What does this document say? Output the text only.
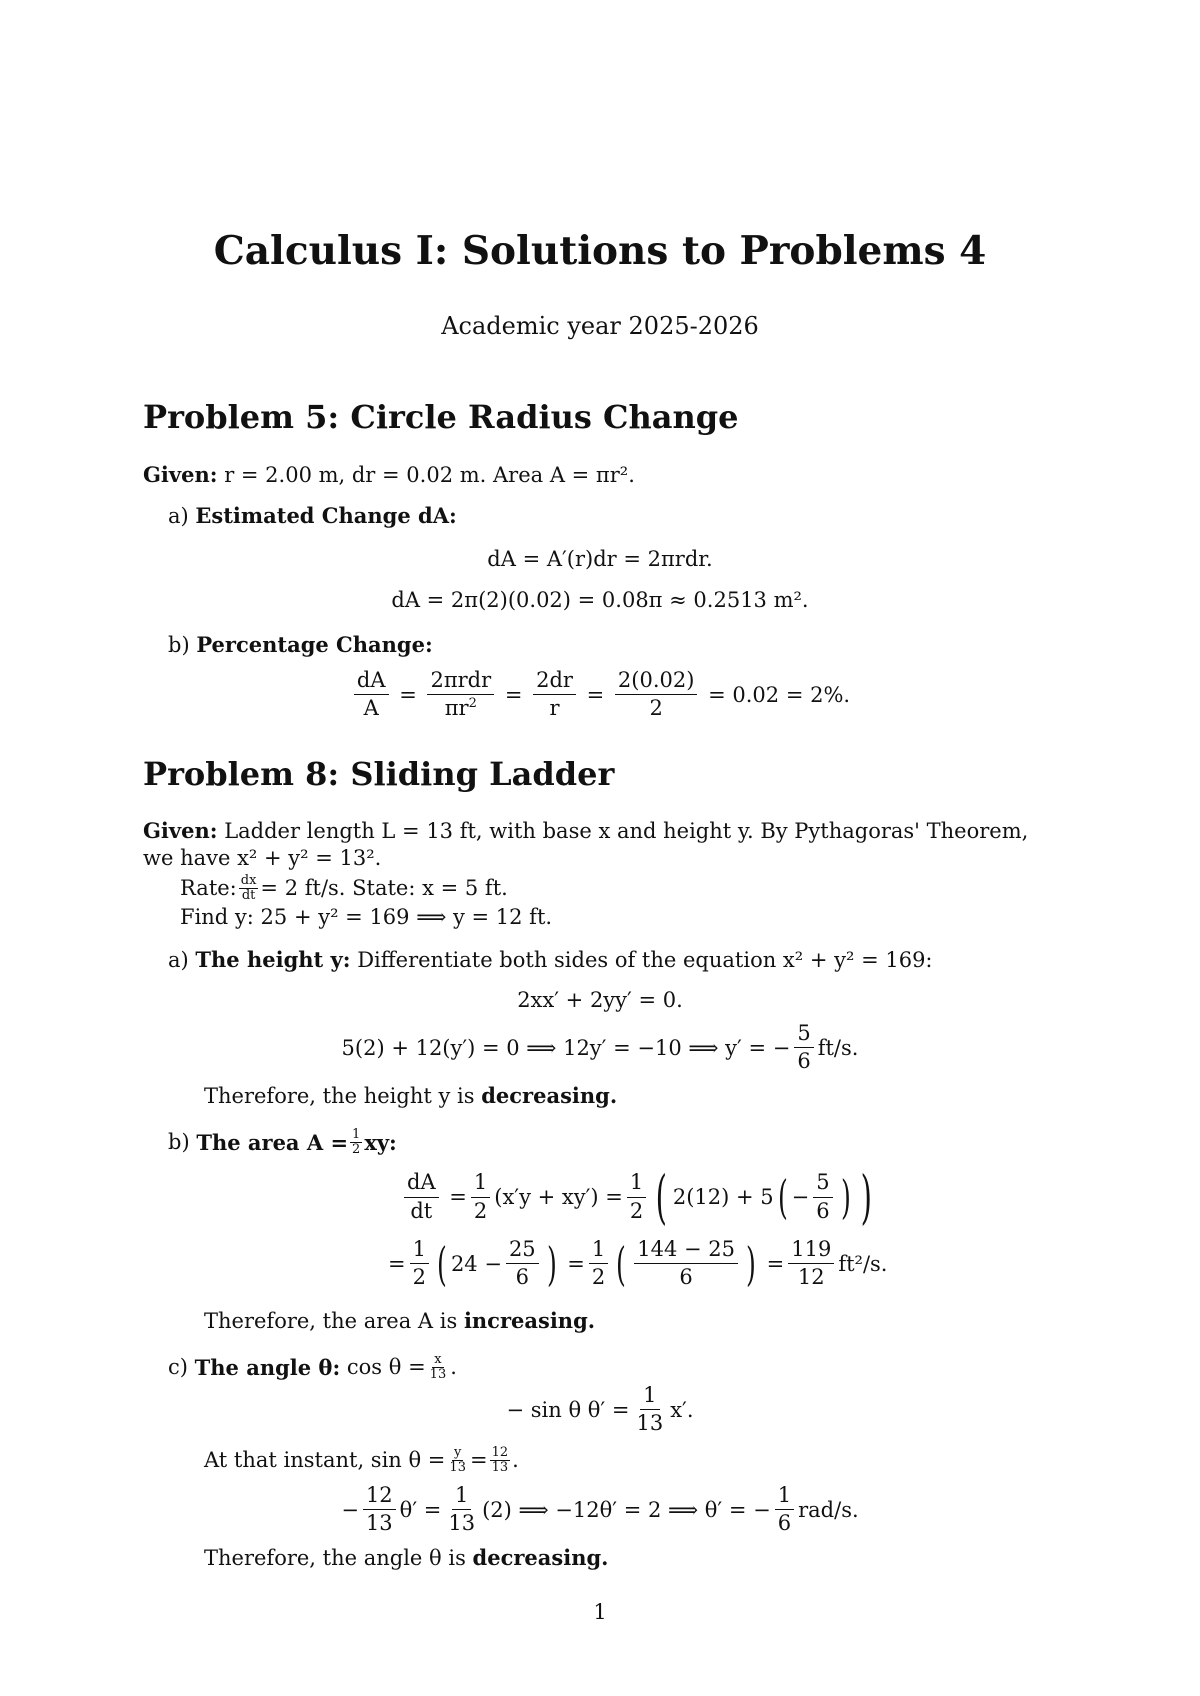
Calculus I: Solutions to Problems 4
Academic year 2025-2026
Problem 5: Circle Radius Change
Given: r = 2.00 m, dr = 0.02 m. Area A = πr².
a) Estimated Change dA:
dA = A′(r)dr = 2πrdr.
dA = 2π(2)(0.02) = 0.08π ≈ 0.2513 m².
b) Percentage Change:
$\frac{dA}{A} = \frac{\text{2πrdr}}{\pi r^2} = \frac{2dr}{r} = \frac{2(0.02)}{2}$
= 0.02 = 2%.
Problem 8: Sliding Ladder
Given: Ladder length L = 13 ft, with base x and height y. By Pythagoras' Theorem,
we have x² + y² = 13².
Rate: $\frac{dx}{dt} = 2$ ft/s. State: x = 5 ft.
Find y: 25 + y² = 169 ⟹ y = 12 ft.
a) The height y: Differentiate both sides of the equation x² + y² = 169:
2xx′ + 2yy′ = 0.
5(2) + 12(y′) = 0 ⟹ 12y′ = −10 ⟹ y′ = − $\frac{5}{6} ft/s$.
Therefore, the height y is decreasing.
b)
The area $A = \frac{1}{2}$ xy:
$\frac{dA}{dt} = \frac{1}{2} (x'y + xy') = \frac{1}{2}$ ( 2(12) + 5 ( − $\frac{5}{6}$ ) )
= $\frac{1}{2}$ ( $24 - \frac{25}{6}$ ) = $\frac{1}{2}$ ( $\frac{144 - 25}{6}$ ) = $\frac{119}{12} ft^2/s$.
Therefore, the area A is increasing.
c)
The angle θ:
$\cos \theta = \frac{x}{13}$ .
− sin θ $\theta' = \frac{1}{13} x'$.
At that instant, $\sin \theta = \frac{y}{13} = \frac{12}{13}$ .
− $\frac{12}{13} \theta' = \frac{1}{13} (2)$ ⟹ −12θ′ = 2 ⟹ θ′ = − $\frac{1}{6} rad/s$.
Therefore, the angle θ is decreasing.
1
